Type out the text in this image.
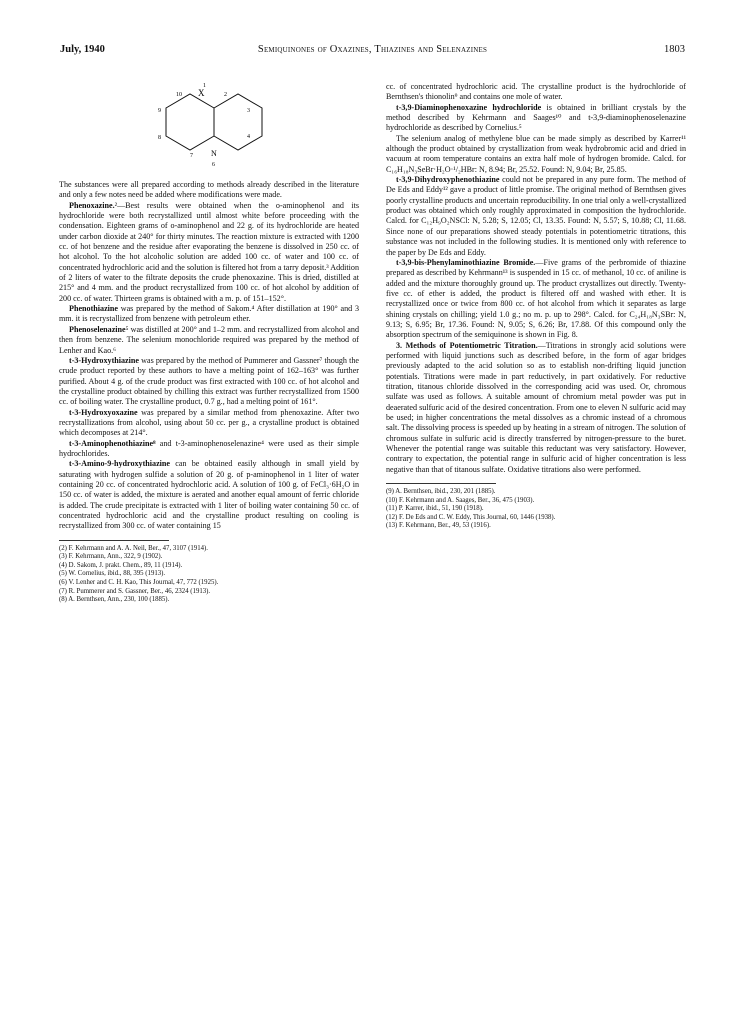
July, 1940	Semiquinones of Oxazines, Thiazines and Selenazines	1803
10 X
1
2
3
4
N
6
7
8
9

The substances were all prepared according to methods already described in the literature and only a few notes need be added where modifications were made.

Phenoxazine.²—Best results were obtained when the o-aminophenol and its hydrochloride were both recrystallized until almost white before proceeding with the condensation. Eighteen grams of o-aminophenol and 22 g. of its hydrochloride are heated under carbon dioxide at 240° for thirty minutes. The reaction mixture is extracted with 1200 cc. of hot benzene and the residue after evaporating the benzene is dissolved in 250 cc. of hot alcohol. To the hot alcoholic solution are added 100 cc. of water and 100 cc. of concentrated hydrochloric acid and the solution is filtered hot from a tarry deposit.³ Addition of 2 liters of water to the filtrate deposits the crude phenoxazine. This is dried, distilled at 215° and 4 mm. and the product recrystallized from 100 cc. of hot alcohol by addition of 200 cc. of water. Thirteen grams is obtained with a m. p. of 151–152°.

Phenothiazine was prepared by the method of Sakom.⁴ After distillation at 190° and 3 mm. it is recrystallized from benzene with petroleum ether.

Phenoselenazine⁵ was distilled at 200° and 1–2 mm. and recrystallized from alcohol and then from benzene. The selenium monochloride required was prepared by the method of Lenher and Kao.⁶

t-3-Hydroxythiazine was prepared by the method of Pummerer and Gassner⁷ though the crude product reported by these authors to have a melting point of 162–163° was further purified. About 4 g. of the crude product was first extracted with 100 cc. of hot alcohol and the crystalline product obtained by chilling this extract was further recrystallized from 1500 cc. of boiling water. The crystalline product, 0.7 g., had a melting point of 161°.

t-3-Hydroxyoxazine was prepared by a similar method from phenoxazine. After two recrystallizations from alcohol, using about 50 cc. per g., a crystalline product is obtained which decomposes at 214°.

t-3-Aminophenothiazine⁸ and t-3-aminophenoselenazine⁴ were used as their simple hydrochlorides.

t-3-Amino-9-hydroxythiazine can be obtained easily although in small yield by saturating with hydrogen sulfide a solution of 20 g. of p-aminophenol in 1 liter of water containing 20 cc. of concentrated hydrochloric acid. A solution of 100 g. of FeCl₃·6H₂O in 150 cc. of water is added, the mixture is aerated and another equal amount of ferric chloride is added. The crude precipitate is extracted with 1 liter of boiling water containing 50 cc. of concentrated hydrochloric acid and the crystalline product resulting on cooling is recrystallized from 300 cc. of water containing 15

(2) F. Kehrmann and A. A. Neil, Ber., 47, 3107 (1914).

(3) F. Kehrmann, Ann., 322, 9 (1902).

(4) D. Sakom, J. prakt. Chem., 89, 11 (1914).

(5) W. Cornelius, ibid., 88, 395 (1913).

(6) V. Lenher and C. H. Kao, This Journal, 47, 772 (1925).

(7) R. Pummerer and S. Gassner, Ber., 46, 2324 (1913).

(8) A. Bernthsen, Ann., 230, 100 (1885).

cc. of concentrated hydrochloric acid. The crystalline product is the hydrochloride of Bernthsen's thionolin⁹ and contains one mole of water.

t-3,9-Diaminophenoxazine hydrochloride is obtained in brilliant crystals by the method described by Kehrmann and Saages¹⁰ and t-3,9-diaminophenoselenazine hydrochloride as described by Cornelius.⁵

The selenium analog of methylene blue can be made simply as described by Karrer¹¹ although the product obtained by crystallization from weak hydrobromic acid and dried in vacuum at room temperature contains an extra half mole of hydrogen bromide. Calcd. for C₁₆H₁₈N₃SeBr·H₂O·¹/₂HBr: N, 8.94; Br, 25.52. Found: N, 9.04; Br, 25.85.

t-3,9-Dihydroxyphenothiazine could not be prepared in any pure form. The method of De Eds and Eddy¹² gave a product of little promise. The original method of Bernthsen gives poorly crystalline products and uncertain reproducibility. In one trial only a well-crystallized product was obtained which only roughly approximated in composition the hydrochloride. Calcd. for C₁₂H₉O₂NSCl: N, 5.28; S, 12.05; Cl, 13.35. Found: N, 5.57; S, 10.88; Cl, 11.68. Since none of our preparations showed steady potentials in potentiometric titrations, this substance was not included in the following studies. It is mentioned only with reference to the paper by De Eds and Eddy.

t-3,9-bis-Phenylaminothiazine Bromide.—Five grams of the perbromide of thiazine prepared as described by Kehrmann¹³ is suspended in 15 cc. of methanol, 10 cc. of aniline is added and the mixture thoroughly ground up. The product crystallizes out directly. Twenty-five cc. of ether is added, the product is filtered off and washed with ether. It is recrystallized once or twice from 800 cc. of hot alcohol from which it separates as large shining crystals on chilling; yield 1.0 g.; no m. p. up to 298°. Calcd. for C₂₄H₁₈N₃SBr: N, 9.13; S, 6.95; Br, 17.36. Found: N, 9.05; S, 6.26; Br, 17.88. Of this compound only the absorption spectrum of the semiquinone is shown in Fig. 8.

3. Methods of Potentiometric Titration.—Titrations in strongly acid solutions were performed with liquid junctions such as described before, in the form of agar bridges previously adapted to the acid solution so as to establish non-drifting liquid junction potentials. Titrations were made in part reductively, in part oxidatively. For reductive titration, titanous chloride dissolved in the corresponding acid was used. Or, chromous sulfate was used as follows. A suitable amount of chromium metal powder was put in deaerated sulfuric acid of the desired concentration. From one to eleven N sulfuric acid may be used; in higher concentrations the metal dissolves as a chromic instead of a chromous salt. The dissolving process is speeded up by heating in a stream of nitrogen. The solution of chromous sulfate in sulfuric acid is directly transferred by nitrogen-pressure to the buret. Whenever the potential range was suitable this reductant was very satisfactory. However, contrary to expectation, the potential range in sulfuric acid of higher concentration is less negative than that of titanous sulfate. Oxidative titrations also were performed.

(9) A. Bernthsen, ibid., 230, 201 (1885).

(10) F. Kehrmann and A. Saages, Ber., 36, 475 (1903).

(11) P. Karrer, ibid., 51, 190 (1918).

(12) F. De Eds and C. W. Eddy, This Journal, 60, 1446 (1938).

(13) F. Kehrmann, Ber., 49, 53 (1916).
